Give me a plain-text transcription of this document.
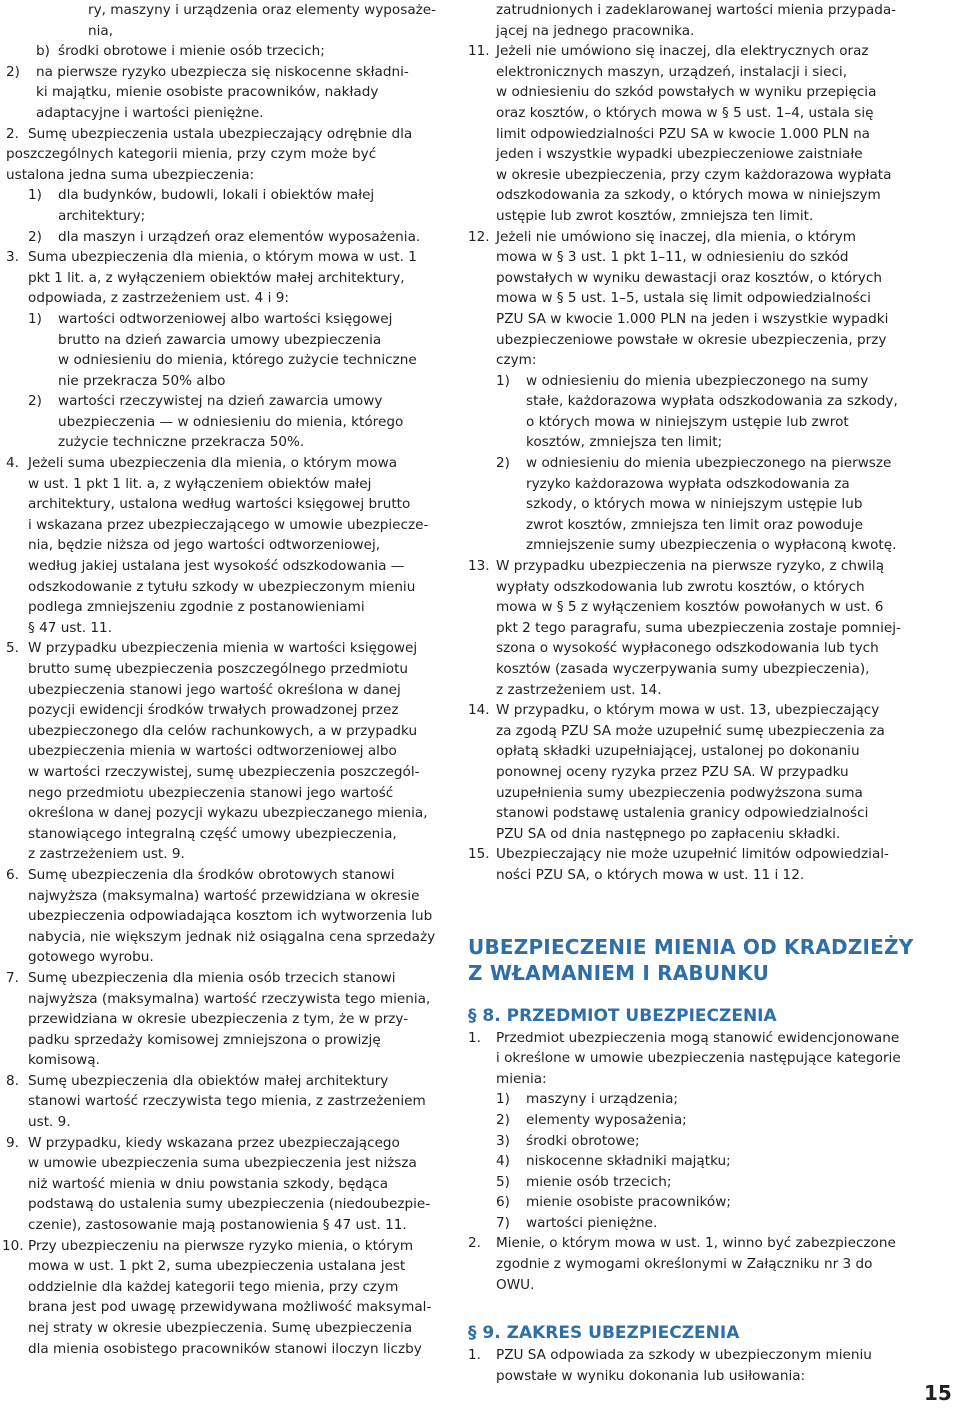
ry, maszyny i urządzenia oraz elementy wyposaże-
nia,
b) środki obrotowe i mienie osób trzecich;
2)	na pierwsze ryzyko ubezpiecza się niskocenne składni-
ki majątku, mienie osobiste pracowników, nakłady
adaptacyjne i wartości pieniężne.
2. Sumę ubezpieczenia ustala ubezpieczający odrębnie dla
poszczególnych kategorii mienia, przy czym może być
ustalona jedna suma ubezpieczenia:
1)	dla budynków, budowli, lokali i obiektów małej
architektury;
2)	dla maszyn i urządzeń oraz elementów wyposażenia.
3. Suma ubezpieczenia dla mienia, o którym mowa w ust. 1
pkt 1 lit. a, z wyłączeniem obiektów małej architektury,
odpowiada, z zastrzeżeniem ust. 4 i 9:
1)	wartości odtworzeniowej albo wartości księgowej
brutto na dzień zawarcia umowy ubezpieczenia
w odniesieniu do mienia, którego zużycie techniczne
nie przekracza 50% albo
2)	wartości rzeczywistej na dzień zawarcia umowy
ubezpieczenia — w odniesieniu do mienia, którego
zużycie techniczne przekracza 50%.
4. Jeżeli suma ubezpieczenia dla mienia, o którym mowa
w ust. 1 pkt 1 lit. a, z wyłączeniem obiektów małej
architektury, ustalona według wartości księgowej brutto
i wskazana przez ubezpieczającego w umowie ubezpiecze-
nia, będzie niższa od jego wartości odtworzeniowej,
według jakiej ustalana jest wysokość odszkodowania —
odszkodowanie z tytułu szkody w ubezpieczonym mieniu
podlega zmniejszeniu zgodnie z postanowieniami
§ 47 ust. 11.
5. W przypadku ubezpieczenia mienia w wartości księgowej
brutto sumę ubezpieczenia poszczególnego przedmiotu
ubezpieczenia stanowi jego wartość określona w danej
pozycji ewidencji środków trwałych prowadzonej przez
ubezpieczonego dla celów rachunkowych, a w przypadku
ubezpieczenia mienia w wartości odtworzeniowej albo
w wartości rzeczywistej, sumę ubezpieczenia poszczegól-
nego przedmiotu ubezpieczenia stanowi jego wartość
określona w danej pozycji wykazu ubezpieczanego mienia,
stanowiącego integralną część umowy ubezpieczenia,
z zastrzeżeniem ust. 9.
6. Sumę ubezpieczenia dla środków obrotowych stanowi
najwyższa (maksymalna) wartość przewidziana w okresie
ubezpieczenia odpowiadająca kosztom ich wytworzenia lub
nabycia, nie większym jednak niż osiągalna cena sprzedaży
gotowego wyrobu.
7. Sumę ubezpieczenia dla mienia osób trzecich stanowi
najwyższa (maksymalna) wartość rzeczywista tego mienia,
przewidziana w okresie ubezpieczenia z tym, że w przy-
padku sprzedaży komisowej zmniejszona o prowizję
komisową.
8. Sumę ubezpieczenia dla obiektów małej architektury
stanowi wartość rzeczywista tego mienia, z zastrzeżeniem
ust. 9.
9. W przypadku, kiedy wskazana przez ubezpieczającego
w umowie ubezpieczenia suma ubezpieczenia jest niższa
niż wartość mienia w dniu powstania szkody, będąca
podstawą do ustalenia sumy ubezpieczenia (niedoubezpie-
czenie), zastosowanie mają postanowienia § 47 ust. 11.
10. Przy ubezpieczeniu na pierwsze ryzyko mienia, o którym
mowa w ust. 1 pkt 2, suma ubezpieczenia ustalana jest
oddzielnie dla każdej kategorii tego mienia, przy czym
brana jest pod uwagę przewidywana możliwość maksymal-
nej straty w okresie ubezpieczenia. Sumę ubezpieczenia
dla mienia osobistego pracowników stanowi iloczyn liczby
zatrudnionych i zadeklarowanej wartości mienia przypada-
jącej na jednego pracownika.
11. Jeżeli nie umówiono się inaczej, dla elektrycznych oraz
elektronicznych maszyn, urządzeń, instalacji i sieci,
w odniesieniu do szkód powstałych w wyniku przepięcia
oraz kosztów, o których mowa w § 5 ust. 1–4, ustala się
limit odpowiedzialności PZU SA w kwocie 1.000 PLN na
jeden i wszystkie wypadki ubezpieczeniowe zaistniałe
w okresie ubezpieczenia, przy czym każdorazowa wypłata
odszkodowania za szkody, o których mowa w niniejszym
ustępie lub zwrot kosztów, zmniejsza ten limit.
12. Jeżeli nie umówiono się inaczej, dla mienia, o którym
mowa w § 3 ust. 1 pkt 1–11, w odniesieniu do szkód
powstałych w wyniku dewastacji oraz kosztów, o których
mowa w § 5 ust. 1–5, ustala się limit odpowiedzialności
PZU SA w kwocie 1.000 PLN na jeden i wszystkie wypadki
ubezpieczeniowe powstałe w okresie ubezpieczenia, przy
czym:
1)	w odniesieniu do mienia ubezpieczonego na sumy
stałe, każdorazowa wypłata odszkodowania za szkody,
o których mowa w niniejszym ustępie lub zwrot
kosztów, zmniejsza ten limit;
2)	w odniesieniu do mienia ubezpieczonego na pierwsze
ryzyko każdorazowa wypłata odszkodowania za
szkody, o których mowa w niniejszym ustępie lub
zwrot kosztów, zmniejsza ten limit oraz powoduje
zmniejszenie sumy ubezpieczenia o wypłaconą kwotę.
13. W przypadku ubezpieczenia na pierwsze ryzyko, z chwilą
wypłaty odszkodowania lub zwrotu kosztów, o których
mowa w § 5 z wyłączeniem kosztów powołanych w ust. 6
pkt 2 tego paragrafu, suma ubezpieczenia zostaje pomniej-
szona o wysokość wypłaconego odszkodowania lub tych
kosztów (zasada wyczerpywania sumy ubezpieczenia),
z zastrzeżeniem ust. 14.
14. W przypadku, o którym mowa w ust. 13, ubezpieczający
za zgodą PZU SA może uzupełnić sumę ubezpieczenia za
opłatą składki uzupełniającej, ustalonej po dokonaniu
ponownej oceny ryzyka przez PZU SA. W przypadku
uzupełnienia sumy ubezpieczenia podwyższona suma
stanowi podstawę ustalenia granicy odpowiedzialności
PZU SA od dnia następnego po zapłaceniu składki.
15. Ubezpieczający nie może uzupełnić limitów odpowiedzial-
ności PZU SA, o których mowa w ust. 11 i 12.
UBEZPIECZENIE MIENIA OD KRADZIEŻY
Z WŁAMANIEM I RABUNKU
§ 8. PRZEDMIOT UBEZPIECZENIA
1.	Przedmiot ubezpieczenia mogą stanowić ewidencjonowane
i określone w umowie ubezpieczenia następujące kategorie
mienia:
1)	maszyny i urządzenia;
2)	elementy wyposażenia;
3)	środki obrotowe;
4)	niskocenne składniki majątku;
5)	mienie osób trzecich;
6)	mienie osobiste pracowników;
7)	wartości pieniężne.
2.	Mienie, o którym mowa w ust. 1, winno być zabezpieczone
zgodnie z wymogami określonymi w Załączniku nr 3 do
OWU.
§ 9. ZAKRES UBEZPIECZENIA
1.	PZU SA odpowiada za szkody w ubezpieczonym mieniu
powstałe w wyniku dokonania lub usiłowania:
15
